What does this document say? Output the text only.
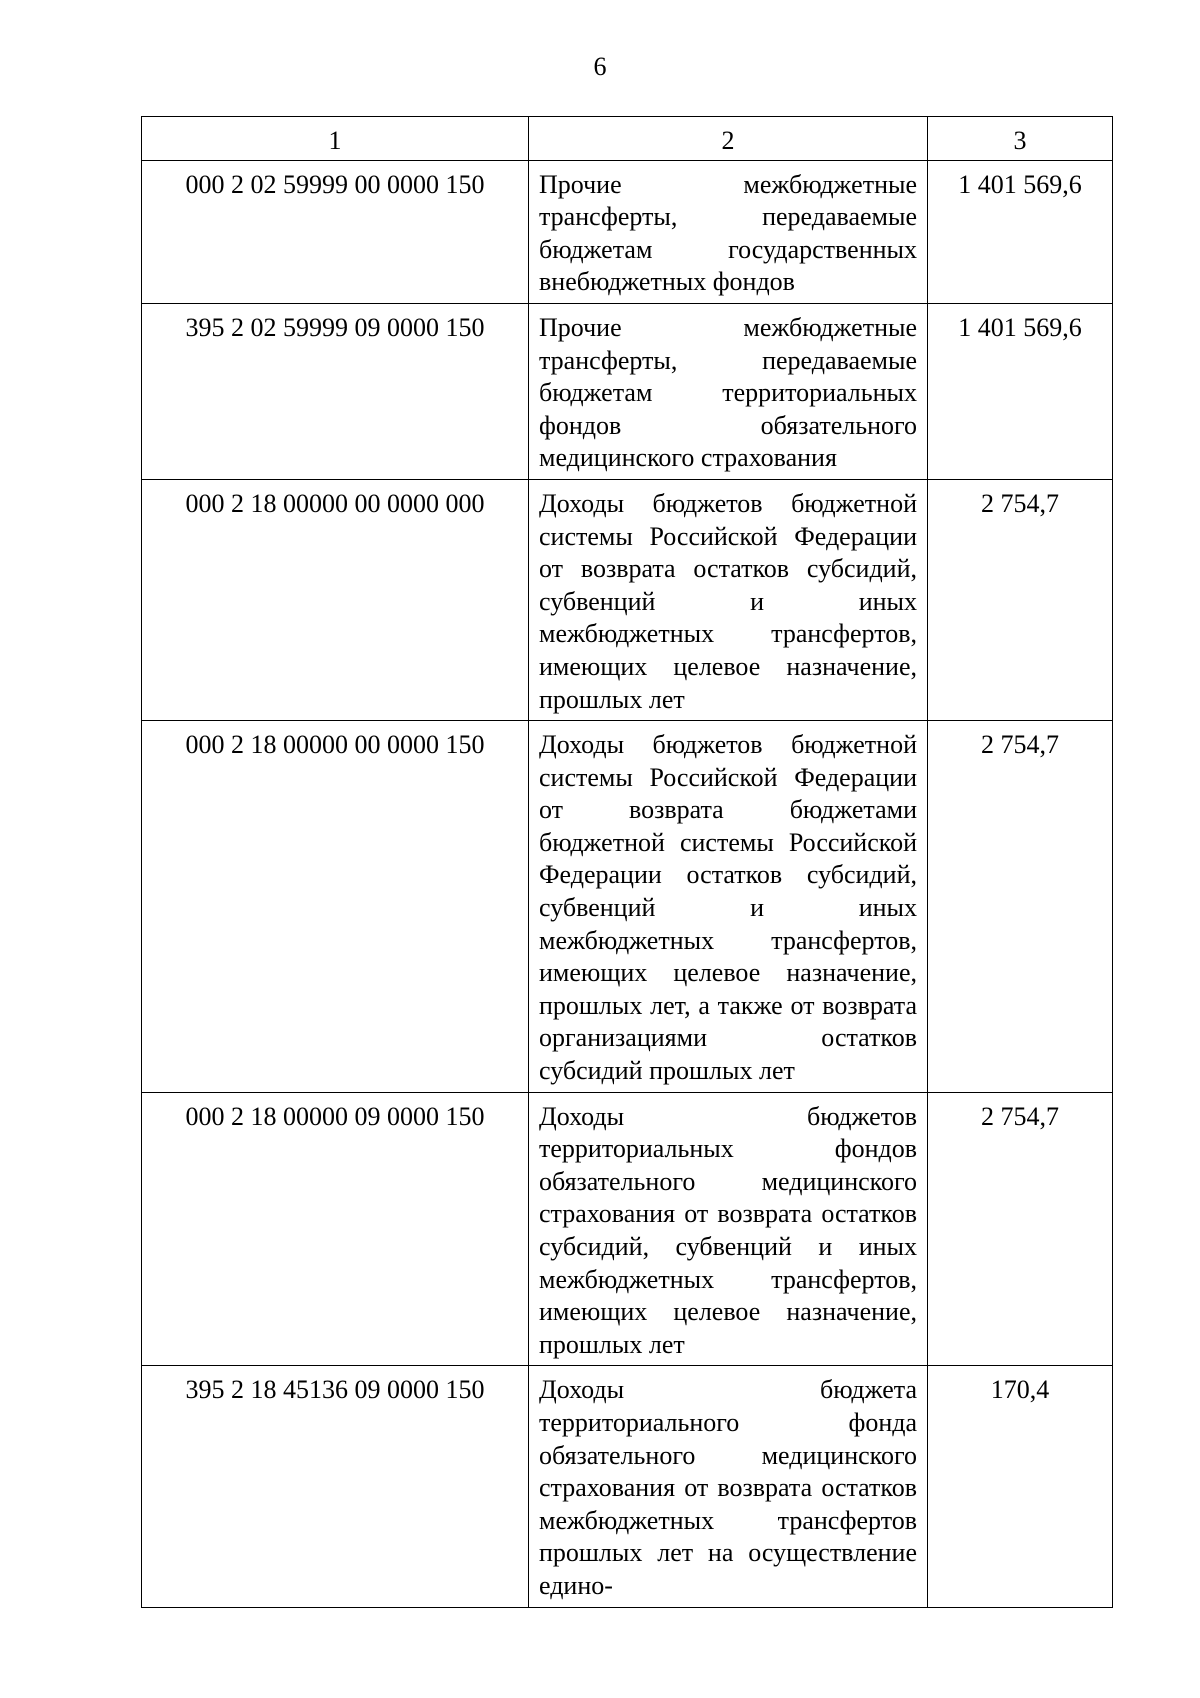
6
1	2	3
000 2 02 59999 00 0000 150	Прочие межбюджетные трансферты, передаваемые бюджетам государственных внебюджетных фондов	1 401 569,6
395 2 02 59999 09 0000 150	Прочие межбюджетные трансферты, передаваемые бюджетам территориальных фондов обязательного медицинского страхования	1 401 569,6
000 2 18 00000 00 0000 000	Доходы бюджетов бюджетной системы Российской Федерации от возврата остатков субсидий, субвенций и иных межбюджетных трансфертов, имеющих целевое назначение, прошлых лет	2 754,7
000 2 18 00000 00 0000 150	Доходы бюджетов бюджетной системы Российской Федерации от возврата бюджетами бюджетной системы Российской Федерации остатков субсидий, субвенций и иных межбюджетных трансфертов, имеющих целевое назначение, прошлых лет, а также от возврата организациями остатков субсидий прошлых лет	2 754,7
000 2 18 00000 09 0000 150	Доходы бюджетов территориальных фондов обязательного медицинского страхования от возврата остатков субсидий, субвенций и иных межбюджетных трансфертов, имеющих целевое назначение, прошлых лет	2 754,7
395 2 18 45136 09 0000 150	Доходы бюджета территориального фонда обязательного медицинского страхования от возврата остатков межбюджетных трансфертов прошлых лет на осуществление едино-	170,4
